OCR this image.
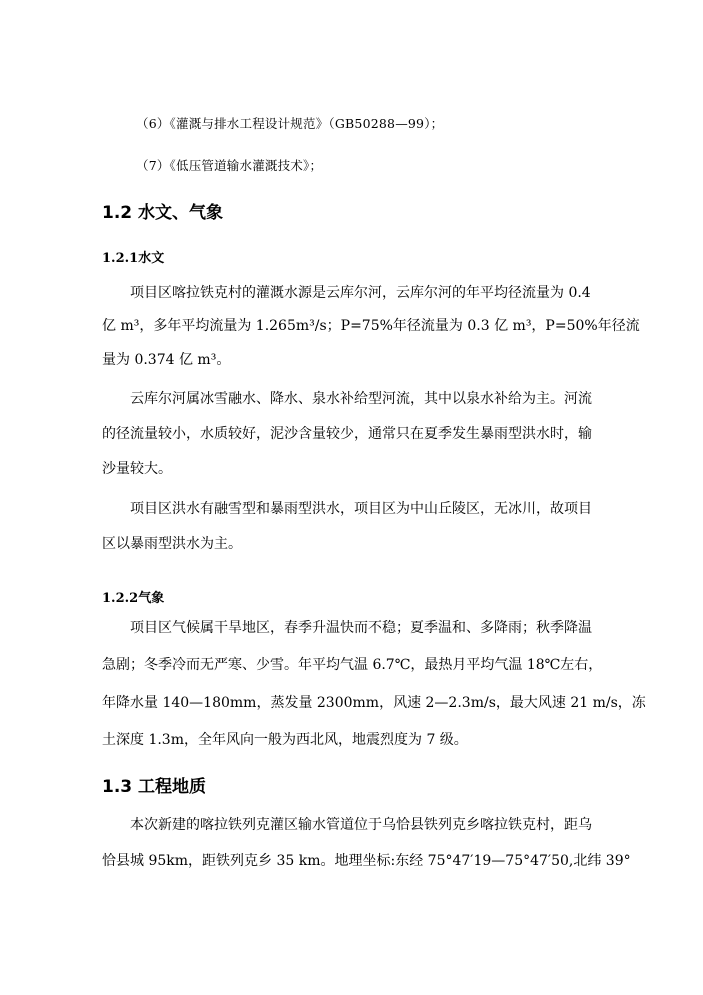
（6）《灌溉与排水工程设计规范》（GB50288—99）；
（7）《低压管道输水灌溉技术》；
1.2 水文、气象
1.2.1水文
项目区喀拉铁克村的灌溉水源是云库尔河，云库尔河的年平均径流量为 0.4
亿 m³，多年平均流量为 1.265m³/s；P=75%年径流量为 0.3 亿 m³，P=50%年径流
量为 0.374 亿 m³。
云库尔河属冰雪融水、降水、泉水补给型河流，其中以泉水补给为主。河流
的径流量较小，水质较好，泥沙含量较少，通常只在夏季发生暴雨型洪水时，输
沙量较大。
项目区洪水有融雪型和暴雨型洪水，项目区为中山丘陵区，无冰川，故项目
区以暴雨型洪水为主。
1.2.2气象
项目区气候属干旱地区，春季升温快而不稳；夏季温和、多降雨；秋季降温
急剧；冬季冷而无严寒、少雪。年平均气温 6.7℃，最热月平均气温 18℃左右，
年降水量 140—180mm，蒸发量 2300mm，风速 2—2.3m/s，最大风速 21 m/s，冻
土深度 1.3m，全年风向一般为西北风，地震烈度为 7 级。
1.3 工程地质
本次新建的喀拉铁列克灌区输水管道位于乌恰县铁列克乡喀拉铁克村，距乌
恰县城 95km，距铁列克乡 35 km。地理坐标:东经 75°47′19—75°47′50,北纬 39°
